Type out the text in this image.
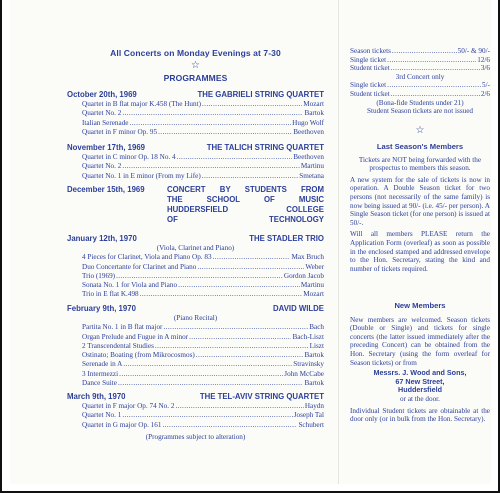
All Concerts on Monday Evenings at 7-30
☆
PROGRAMMES
October 20th, 1969	THE GABRIELI STRING QUARTET
Quartet in B flat major K.458 (The Hunt) .....	Mozart
Quartet No. 2 .....	Bartok
Italian Serenade .....	Hugo Wolf
Quartet in F minor Op. 95 .....	Beethoven
November 17th, 1969	THE TALICH STRING QUARTET
Quartet in C minor Op. 18 No. 4 .....	Beethoven
Quartet No. 2 .....	Martinu
Quartet No. 1 in E minor (From my Life) .....	Smetana
December 15th, 1969	CONCERT BY STUDENTS FROM
THE SCHOOL OF MUSIC
HUDDERSFIELD COLLEGE
OF TECHNOLOGY
January 12th, 1970	THE STADLER TRIO
(Viola, Clarinet and Piano)
4 Pieces for Clarinet, Viola and Piano Op. 83 .....	Max Bruch
Duo Concertante for Clarinet and Piano .....	Weber
Trio (1969) .....	Gordon Jacob
Sonata No. 1 for Viola and Piano .....	Martinu
Trio in E flat K.498 .....	Mozart
February 9th, 1970	DAVID WILDE
(Piano Recital)
Partita No. 1 in B flat major .....	Bach
Organ Prelude and Fugue in A minor .....	Bach-Liszt
2 Transcendental Studies .....	Liszt
Ostinato; Boating (from Mikrocosmos) .....	Bartok
Serenade in A .....	Stravinsky
3 Intermezzi .....	John McCabe
Dance Suite .....	Bartok
March 9th, 1970	THE TEL-AVIV STRING QUARTET
Quartet in F major Op. 74 No. 2 .....	Haydn
Quartet No. 1 .....	Joseph Tal
Quartet in G major Op. 161 .....	Schubert
(Programmes subject to alteration)
Season tickets .....	50/- & 90/-
Single ticket .....	12/6
Student ticket .....	3/6
3rd Concert only
Single ticket .....	5/-
Student ticket .....	2/6
(Bona-fide Students under 21)
Student Season tickets are not issued
☆
Last Season's Members

Tickets are NOT being forwarded with the prospectus to members this season.

A new system for the sale of tickets is now in operation. A Double Season ticket for two persons (not necessarily of the same family) is now being issued at 90/- (i.e. 45/- per person). A Single Season ticket (for one person) is issued at 50/-.

Will all members PLEASE return the Application Form (overleaf) as soon as possible in the enclosed stamped and addressed envelope to the Hon. Secretary, stating the kind and number of tickets required.

New Members

New members are welcomed. Season tickets (Double or Single) and tickets for single concerts (the latter issued immediately after the preceding Concert) can be obtained from the Hon. Secretary (using the form overleaf for Season tickets) or from

Messrs. J. Wood and Sons,
67 New Street,
Huddersfield
or at the door.

Individual Student tickets are obtainable at the door only (or in bulk from the Hon. Secretary).
